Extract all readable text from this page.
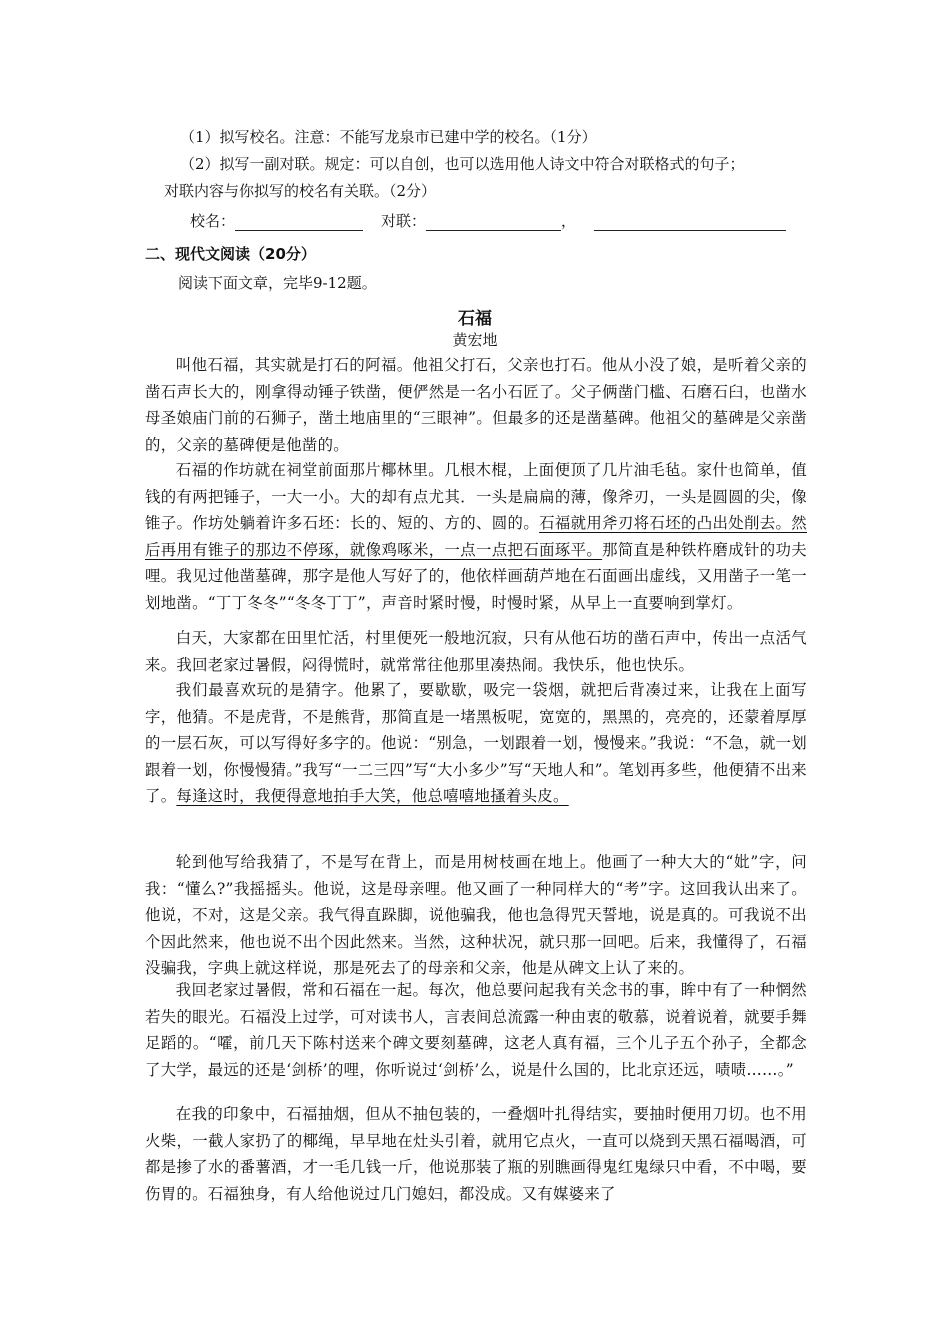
（1）拟写校名。注意：不能写龙泉市已建中学的校名。（1分）
（2）拟写一副对联。规定：可以自创，也可以选用他人诗文中符合对联格式的句子；
对联内容与你拟写的校名有关联。（2分）
校名：	对联：	，
二、现代文阅读（20分）
阅读下面文章，完毕9-12题。
石福
黄宏地
叫他石福，其实就是打石的阿福。他祖父打石，父亲也打石。他从小没了娘，是听着父亲的凿石声长大的，刚拿得动锤子铁凿，便俨然是一名小石匠了。父子俩凿门槛、石磨石臼，也凿水母圣娘庙门前的石狮子，凿土地庙里的“三眼神”。但最多的还是凿墓碑。他祖父的墓碑是父亲凿的，父亲的墓碑便是他凿的。
石福的作坊就在祠堂前面那片椰林里。几根木棍，上面便顶了几片油毛毡。家什也简单，值钱的有两把锤子，一大一小。大的却有点尤其．一头是扁扁的薄，像斧刃，一头是圆圆的尖，像锥子。作坊处躺着许多石坯：长的、短的、方的、圆的。石福就用斧刃将石坯的凸出处削去。然后再用有锥子的那边不停琢，就像鸡啄米，一点一点把石面琢平。那简直是种铁杵磨成针的功夫哩。我见过他凿墓碑，那字是他人写好了的，他依样画葫芦地在石面画出虚线，又用凿子一笔一划地凿。“丁丁冬冬”“冬冬丁丁”，声音时紧时慢，时慢时紧，从早上一直要响到掌灯。
白天，大家都在田里忙活，村里便死一般地沉寂，只有从他石坊的凿石声中，传出一点活气来。我回老家过暑假，闷得慌时，就常常往他那里凑热闹。我快乐，他也快乐。
我们最喜欢玩的是猜字。他累了，要歇歇，吸完一袋烟，就把后背凑过来，让我在上面写字，他猜。不是虎背，不是熊背，那简直是一堵黑板呢，宽宽的，黑黑的，亮亮的，还蒙着厚厚的一层石灰，可以写得好多字的。他说：“别急，一划跟着一划，慢慢来。”我说：“不急，就一划跟着一划，你慢慢猜。”我写“一二三四”写“大小多少”写“天地人和”。笔划再多些，他便猜不出来了。每逢这时，我便得意地拍手大笑，他总嘻嘻地搔着头皮。
轮到他写给我猜了，不是写在背上，而是用树枝画在地上。他画了一种大大的“妣”字，问我：“懂么?”我摇摇头。他说，这是母亲哩。他又画了一种同样大的“考”字。这回我认出来了。他说，不对，这是父亲。我气得直跺脚，说他骗我，他也急得咒天誓地，说是真的。可我说不出个因此然来，他也说不出个因此然来。当然，这种状况，就只那一回吧。后来，我懂得了，石福没骗我，字典上就这样说，那是死去了的母亲和父亲，他是从碑文上认了来的。
我回老家过暑假，常和石福在一起。每次，他总要问起我有关念书的事，眸中有了一种惘然若失的眼光。石福没上过学，可对读书人，言表间总流露一种由衷的敬慕，说着说着，就要手舞足蹈的。“嚯，前几天下陈村送来个碑文要刻墓碑，这老人真有福，三个儿子五个孙子，全都念了大学，最远的还是‘剑桥’的哩，你听说过‘剑桥’么，说是什么国的，比北京还远，啧啧……。”
在我的印象中，石福抽烟，但从不抽包装的，一叠烟叶扎得结实，要抽时便用刀切。也不用火柴，一截人家扔了的椰绳，早早地在灶头引着，就用它点火，一直可以烧到天黑石福喝酒，可都是掺了水的番薯酒，才一毛几钱一斤，他说那装了瓶的别瞧画得鬼红鬼绿只中看，不中喝，要伤胃的。石福独身，有人给他说过几门媳妇，都没成。又有媒婆来了
